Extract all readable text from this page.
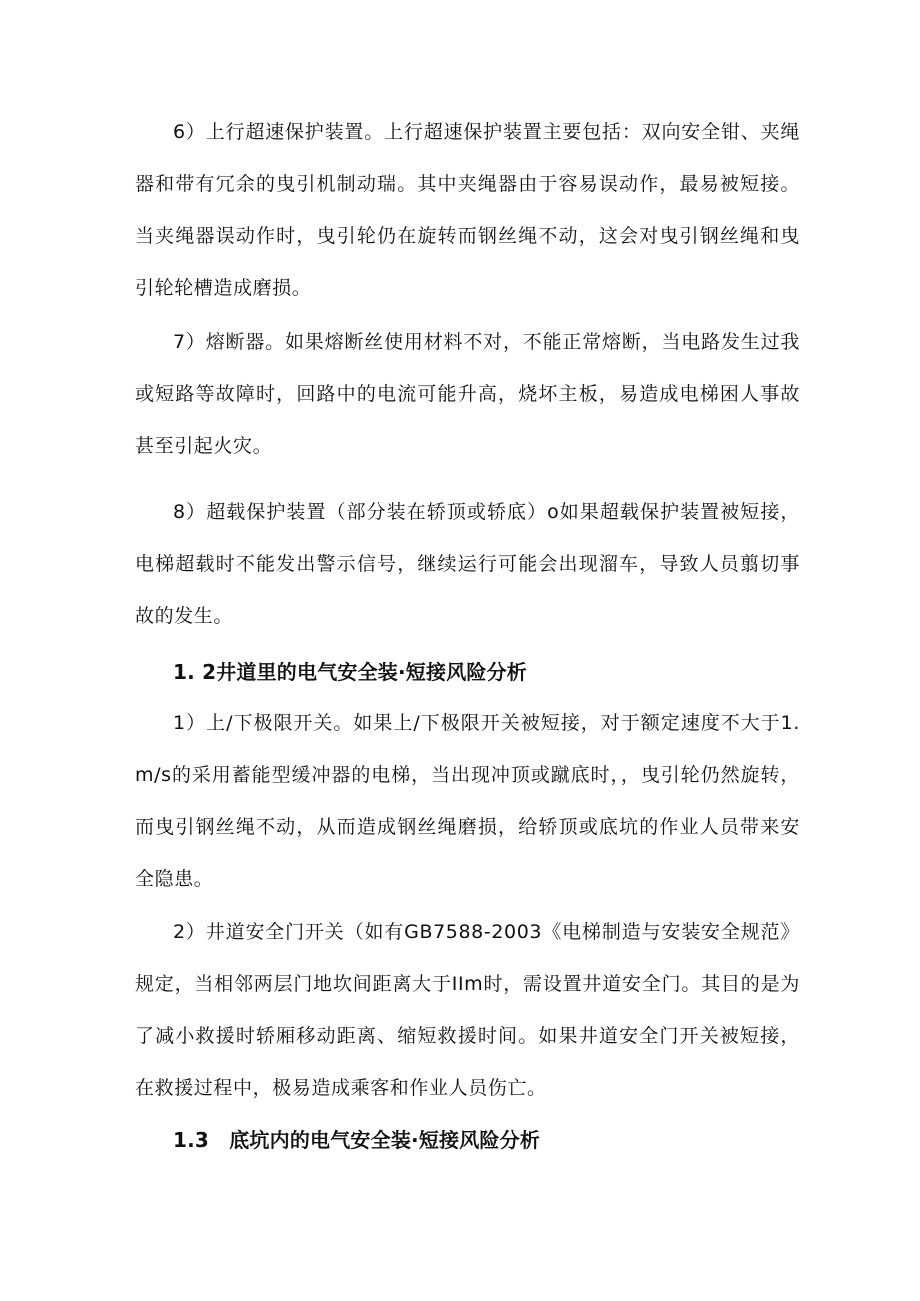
6）上行超速保护装置。上行超速保护装置主要包括：双向安全钳、夹绳器和带有冗余的曳引机制动瑞。其中夹绳器由于容易误动作，最易被短接。当夹绳器误动作时，曳引轮仍在旋转而钢丝绳不动，这会对曳引钢丝绳和曳引轮轮槽造成磨损。

7）熔断器。如果熔断丝使用材料不对，不能正常熔断，当电路发生过我或短路等故障时，回路中的电流可能升高，烧坏主板，易造成电梯困人事故甚至引起火灾。

8）超载保护装置（部分装在轿顶或轿底）o如果超载保护装置被短接，电梯超载时不能发出警示信号，继续运行可能会出现溜车，导致人员翦切事故的发生。

1. 2井道里的电气安全装·短接风险分析

1）上/下极限开关。如果上/下极限开关被短接，对于额定速度不大于1.m/s的采用蓄能型缓冲器的电梯，当出现冲顶或蹴底时，，曳引轮仍然旋转，而曳引钢丝绳不动，从而造成钢丝绳磨损，给轿顶或底坑的作业人员带来安全隐患。

2）井道安全门开关（如有GB7588-2003《电梯制造与安装安全规范》规定，当相邻两层门地坎间距离大于IIm时，需设置井道安全门。其目的是为了减小救援时轿厢移动距离、缩短救援时间。如果井道安全门开关被短接，在救援过程中，极易造成乘客和作业人员伤亡。

1.3　底坑内的电气安全装·短接风险分析
